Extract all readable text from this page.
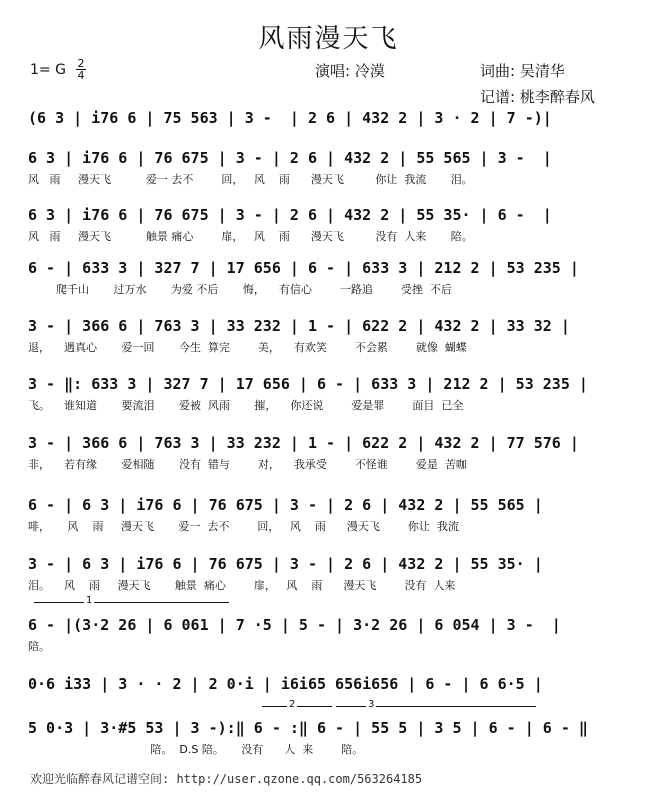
风雨漫天飞
1= G 2
4	演唱: 冷漠	词曲: 吴清华
记谱: 桃李醉春风
(6 3 | i76 6 | 75 563 | 3 -  | 2 6 | 432 2 | 3 · 2 | 7 -)|
6 3 | i76 6 | 76 675 | 3 - | 2 6 | 432 2 | 55 565 | 3 -  |
风   雨     漫天飞          爱一 去不        回，   风    雨      漫天飞         你让  我流       泪。
6 3 | i76 6 | 76 675 | 3 - | 2 6 | 432 2 | 55 35· | 6 -  |
风   雨     漫天飞          触景 痛心        扉，   风    雨      漫天飞         没有  人来       陪。
6 - | 633 3 | 327 7 | 17 656 | 6 - | 633 3 | 212 2 | 53 235 |
爬千山       过万水       为爱 不后       悔，    有信心        一路追        受挫  不后
3 - | 366 6 | 763 3 | 33 232 | 1 - | 622 2 | 432 2 | 33 32 |
退，    遇真心       爱一回       今生  算完        美，    有欢笑        不会累        就像  蝴蝶
3 - ‖: 633 3 | 327 7 | 17 656 | 6 - | 633 3 | 212 2 | 53 235 |
飞。    谁知道       要流泪       爱被  风雨       摧，    你还说        爱是罪        面目  已全
3 - | 366 6 | 763 3 | 33 232 | 1 - | 622 2 | 432 2 | 77 576 |
非，    若有缘       爱相随       没有  错与        对，    我承受        不怪谁        爱是  苦咖
6 - | 6 3 | i76 6 | 76 675 | 3 - | 2 6 | 432 2 | 55 565 |
啡，     风    雨     漫天飞       爱一  去不        回，   风    雨      漫天飞        你让  我流
3 - | 6 3 | i76 6 | 76 675 | 3 - | 2 6 | 432 2 | 55 35· |
泪。    风    雨     漫天飞       触景  痛心        扉，   风    雨      漫天飞        没有  人来
1
6 - |(3·2 26 | 6 061 | 7 ·5 | 5 - | 3·2 26 | 6 054 | 3 -  |
陪。
0·6 i33 | 3 · · 2 | 2 0·i | i6i65 656i656 | 6 - | 6 6·5 |
2	3
5 0·3 | 3·#5 53 | 3 -):‖ 6 - :‖ 6 - | 55 5 | 3 5 | 6 - | 6 - ‖
陪。  D.S 陪。     没有      人  来        陪。
欢迎光临醉春风记谱空间: http://user.qzone.qq.com/563264185
